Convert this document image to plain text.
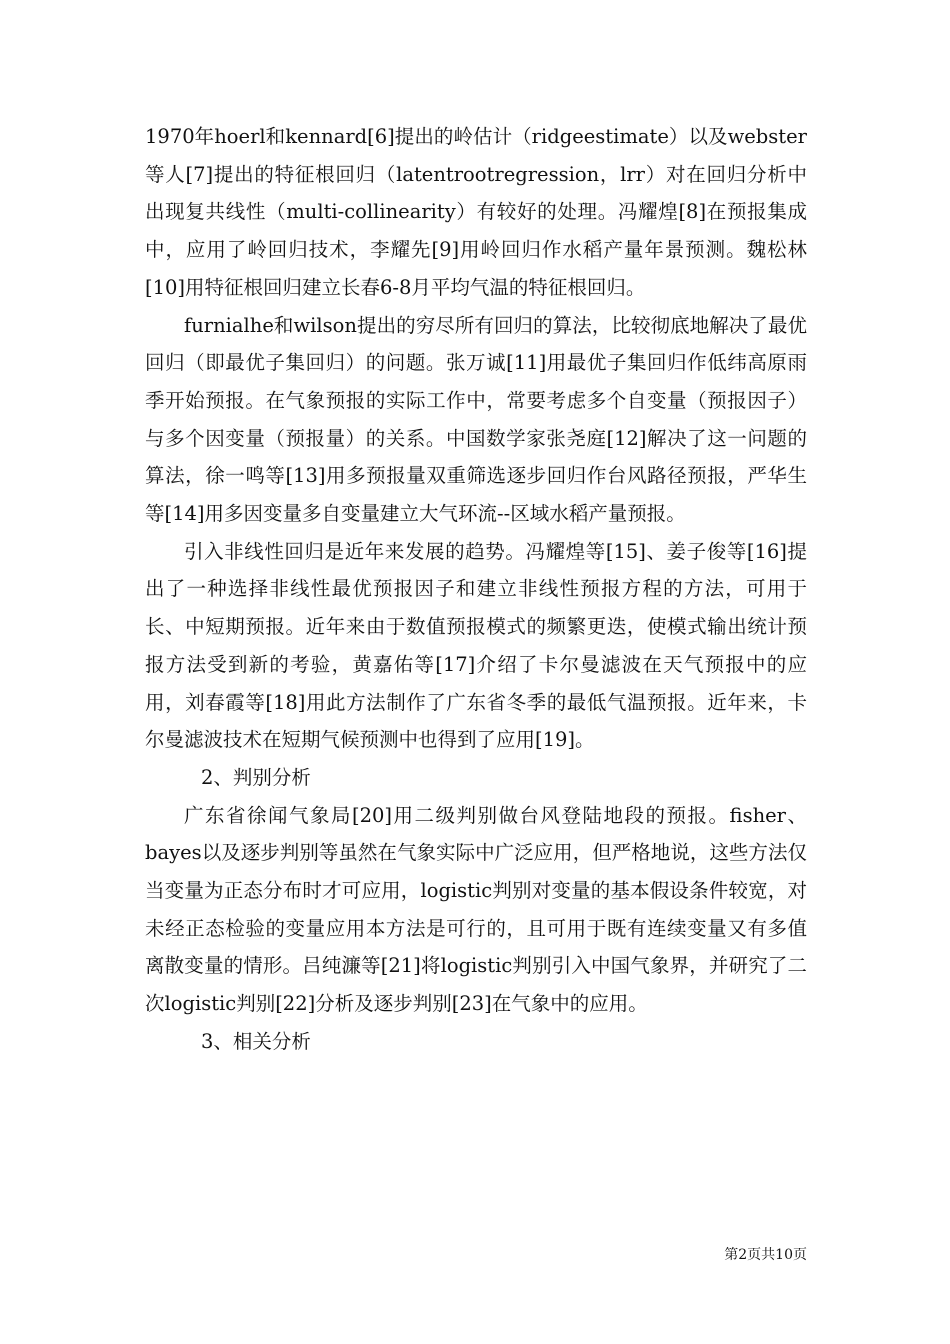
1970年hoerl和kennard[6]提出的岭估计（ridgeestimate）以及webster等人[7]提出的特征根回归（latentrootregression，lrr）对在回归分析中出现复共线性（multi-collinearity）有较好的处理。冯耀煌[8]在预报集成中，应用了岭回归技术，李耀先[9]用岭回归作水稻产量年景预测。魏松林[10]用特征根回归建立长春6-8月平均气温的特征根回归。

furnialhe和wilson提出的穷尽所有回归的算法，比较彻底地解决了最优回归（即最优子集回归）的问题。张万诚[11]用最优子集回归作低纬高原雨季开始预报。在气象预报的实际工作中，常要考虑多个自变量（预报因子）与多个因变量（预报量）的关系。中国数学家张尧庭[12]解决了这一问题的算法，徐一鸣等[13]用多预报量双重筛选逐步回归作台风路径预报，严华生等[14]用多因变量多自变量建立大气环流--区域水稻产量预报。

引入非线性回归是近年来发展的趋势。冯耀煌等[15]、姜子俊等[16]提出了一种选择非线性最优预报因子和建立非线性预报方程的方法，可用于长、中短期预报。近年来由于数值预报模式的频繁更迭，使模式输出统计预报方法受到新的考验，黄嘉佑等[17]介绍了卡尔曼滤波在天气预报中的应用，刘春霞等[18]用此方法制作了广东省冬季的最低气温预报。近年来，卡尔曼滤波技术在短期气候预测中也得到了应用[19]。

2、判别分析

广东省徐闻气象局[20]用二级判别做台风登陆地段的预报。fisher、bayes以及逐步判别等虽然在气象实际中广泛应用，但严格地说，这些方法仅当变量为正态分布时才可应用，logistic判别对变量的基本假设条件较宽，对未经正态检验的变量应用本方法是可行的，且可用于既有连续变量又有多值离散变量的情形。吕纯濂等[21]将logistic判别引入中国气象界，并研究了二次logistic判别[22]分析及逐步判别[23]在气象中的应用。

3、相关分析

第2页共10页
